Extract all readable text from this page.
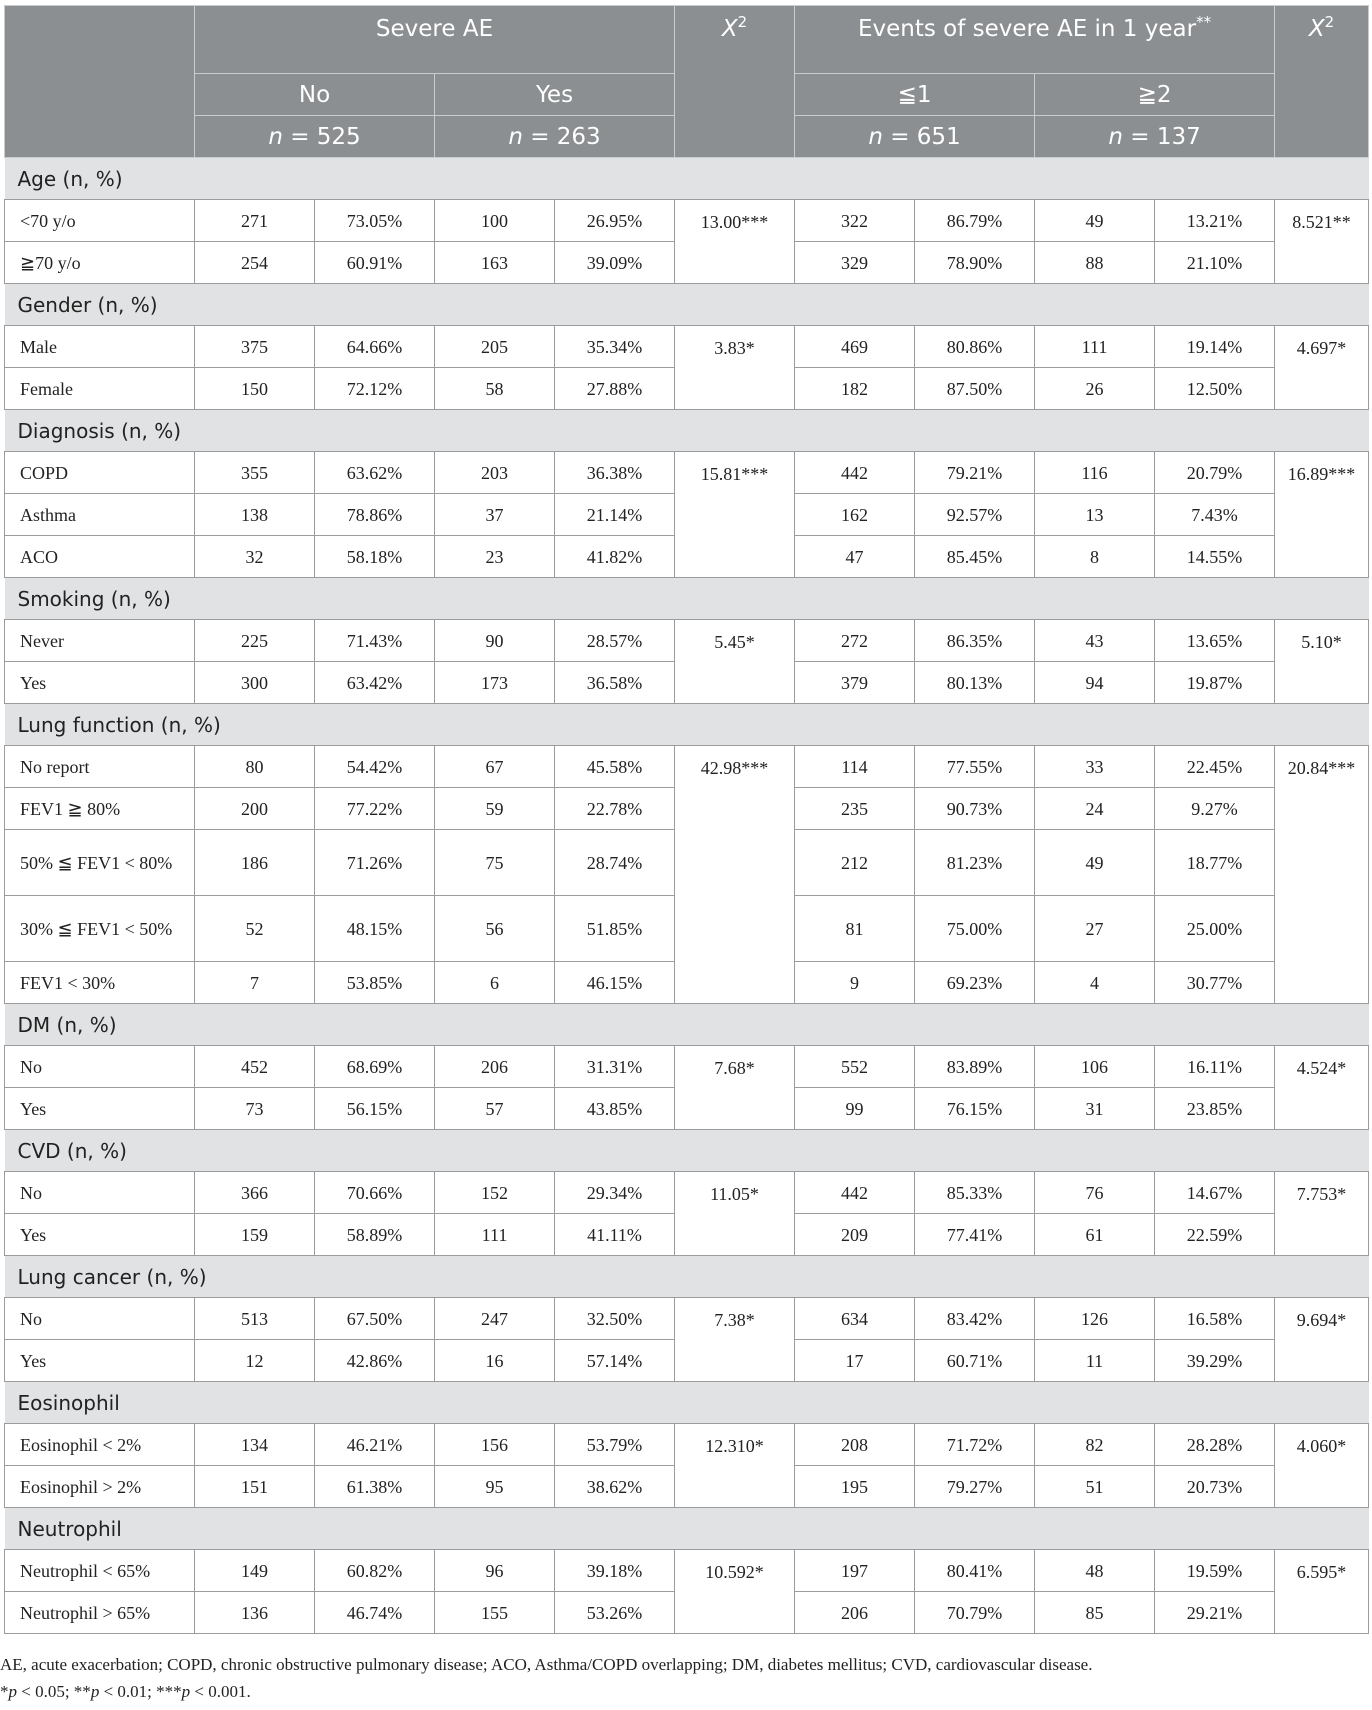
	Severe AE				$X^2$	Events of severe AE in 1 year**				$X^2$
	No		Yes			≦1		≧2		
	n = 525		n = 263			n = 651		n = 137		
Age (n, %)										
<70 y/o	271	73.05%	100	26.95%	13.00***	322	86.79%	49	13.21%	8.521**
≧70 y/o	254	60.91%	163	39.09%		329	78.90%	88	21.10%	
Gender (n, %)										
Male	375	64.66%	205	35.34%	3.83*	469	80.86%	111	19.14%	4.697*
Female	150	72.12%	58	27.88%		182	87.50%	26	12.50%	
Diagnosis (n, %)										
COPD	355	63.62%	203	36.38%	15.81***	442	79.21%	116	20.79%	16.89***
Asthma	138	78.86%	37	21.14%		162	92.57%	13	7.43%	
ACO	32	58.18%	23	41.82%		47	85.45%	8	14.55%	
Smoking (n, %)										
Never	225	71.43%	90	28.57%	5.45*	272	86.35%	43	13.65%	5.10*
Yes	300	63.42%	173	36.58%		379	80.13%	94	19.87%	
Lung function (n, %)										
No report	80	54.42%	67	45.58%	42.98***	114	77.55%	33	22.45%	20.84***
FEV1 ≧ 80%	200	77.22%	59	22.78%		235	90.73%	24	9.27%	
50% ≦ FEV1 < 80%	186	71.26%	75	28.74%		212	81.23%	49	18.77%	
30% ≦ FEV1 < 50%	52	48.15%	56	51.85%		81	75.00%	27	25.00%	
FEV1 < 30%	7	53.85%	6	46.15%		9	69.23%	4	30.77%	
DM (n, %)										
No	452	68.69%	206	31.31%	7.68*	552	83.89%	106	16.11%	4.524*
Yes	73	56.15%	57	43.85%		99	76.15%	31	23.85%	
CVD (n, %)										
No	366	70.66%	152	29.34%	11.05*	442	85.33%	76	14.67%	7.753*
Yes	159	58.89%	111	41.11%		209	77.41%	61	22.59%	
Lung cancer (n, %)										
No	513	67.50%	247	32.50%	7.38*	634	83.42%	126	16.58%	9.694*
Yes	12	42.86%	16	57.14%		17	60.71%	11	39.29%	
Eosinophil										
Eosinophil < 2%	134	46.21%	156	53.79%	12.310*	208	71.72%	82	28.28%	4.060*
Eosinophil > 2%	151	61.38%	95	38.62%		195	79.27%	51	20.73%	
Neutrophil										
Neutrophil < 65%	149	60.82%	96	39.18%	10.592*	197	80.41%	48	19.59%	6.595*
Neutrophil > 65%	136	46.74%	155	53.26%		206	70.79%	85	29.21%	
AE, acute exacerbation; COPD, chronic obstructive pulmonary disease; ACO, Asthma/COPD overlapping; DM, diabetes mellitus; CVD, cardiovascular disease.
*p < 0.05; **p < 0.01; ***p < 0.001.
